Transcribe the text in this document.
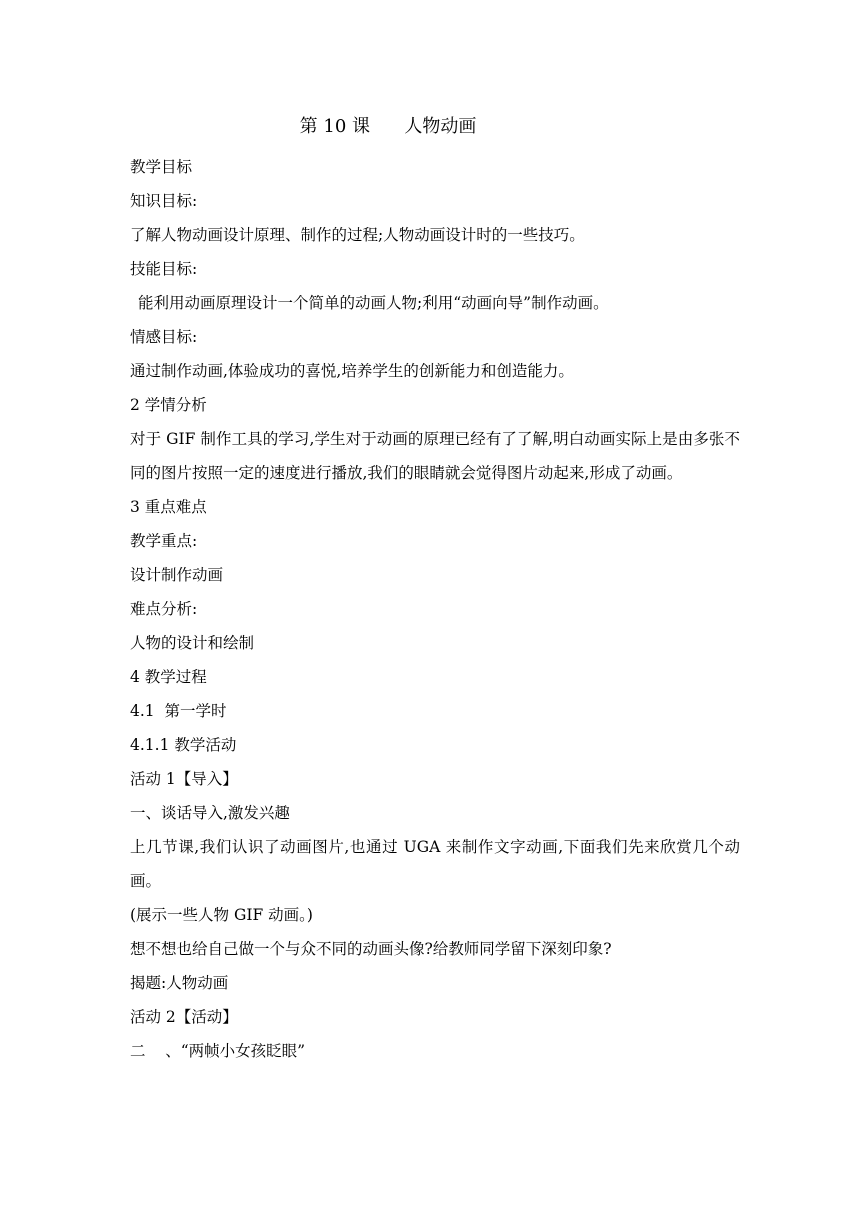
第 10 课      人物动画

教学目标

知识目标:

了解人物动画设计原理、制作的过程;人物动画设计时的一些技巧。

技能目标:

能利用动画原理设计一个简单的动画人物;利用“动画向导”制作动画。

情感目标:

通过制作动画,体验成功的喜悦,培养学生的创新能力和创造能力。

2 学情分析

对于 GIF 制作工具的学习,学生对于动画的原理已经有了了解,明白动画实际上是由多张不同的图片按照一定的速度进行播放,我们的眼睛就会觉得图片动起来,形成了动画。

3 重点难点

教学重点:

设计制作动画

难点分析:

人物的设计和绘制

4 教学过程

4.1  第一学时

4.1.1 教学活动

活动 1【导入】

一、谈话导入,激发兴趣

上几节课,我们认识了动画图片,也通过 UGA 来制作文字动画,下面我们先来欣赏几个动画。

(展示一些人物 GIF 动画。)

想不想也给自己做一个与众不同的动画头像?给教师同学留下深刻印象?

揭题:人物动画

活动 2【活动】

二    、“两帧小女孩眨眼”
